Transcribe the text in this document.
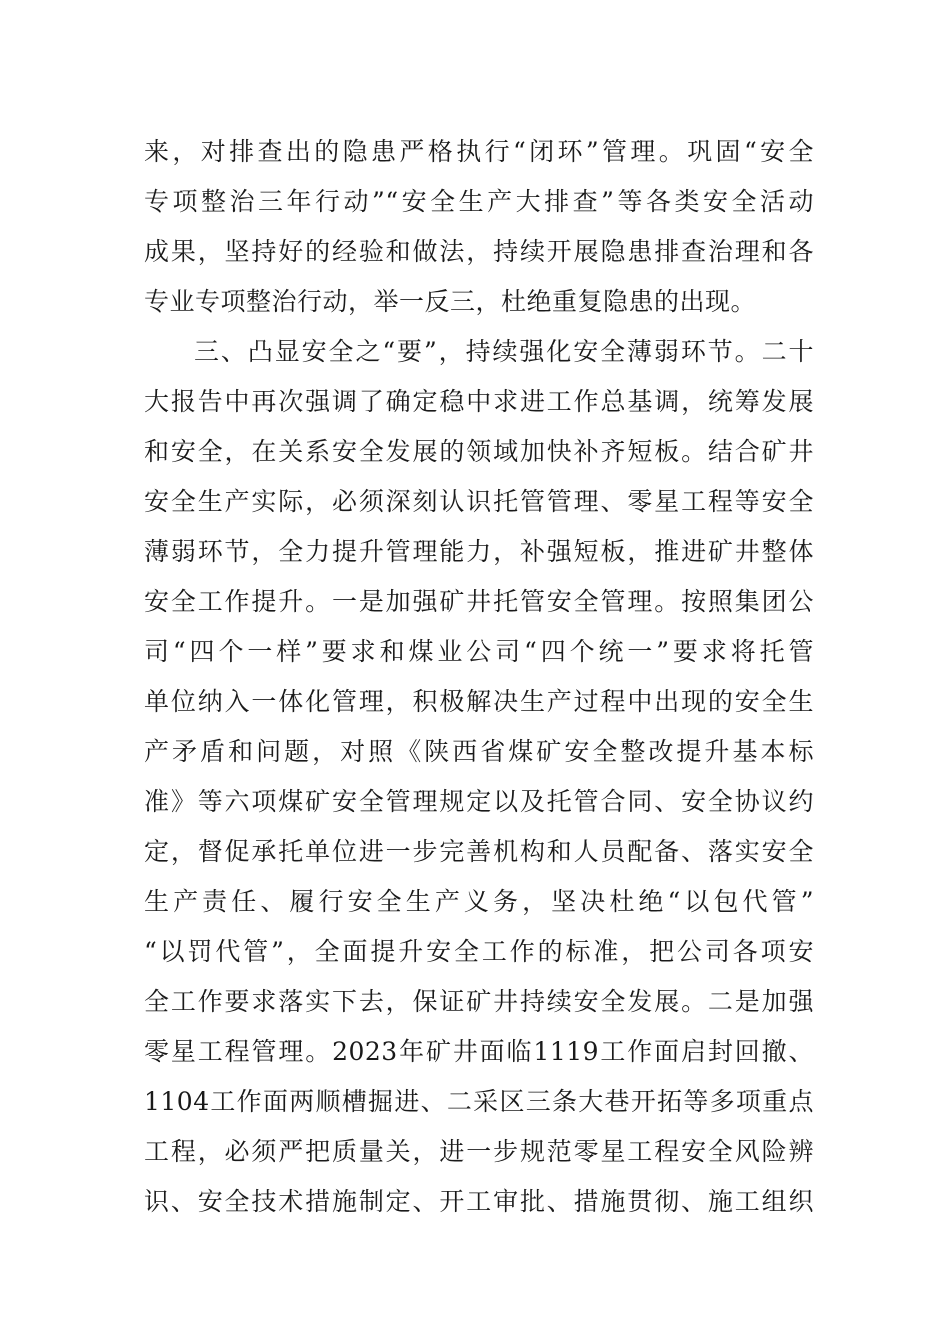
来，对排查出的隐患严格执行“闭环”管理。巩固“安全
专项整治三年行动”“安全生产大排查”等各类安全活动
成果，坚持好的经验和做法，持续开展隐患排查治理和各
专业专项整治行动，举一反三，杜绝重复隐患的出现。
三、凸显安全之“要”，持续强化安全薄弱环节。二十
大报告中再次强调了确定稳中求进工作总基调，统筹发展
和安全，在关系安全发展的领域加快补齐短板。结合矿井
安全生产实际，必须深刻认识托管管理、零星工程等安全
薄弱环节，全力提升管理能力，补强短板，推进矿井整体
安全工作提升。一是加强矿井托管安全管理。按照集团公
司“四个一样”要求和煤业公司“四个统一”要求将托管
单位纳入一体化管理，积极解决生产过程中出现的安全生
产矛盾和问题，对照《陕西省煤矿安全整改提升基本标
准》等六项煤矿安全管理规定以及托管合同、安全协议约
定，督促承托单位进一步完善机构和人员配备、落实安全
生产责任、履行安全生产义务，坚决杜绝“以包代管”
“以罚代管”，全面提升安全工作的标准，把公司各项安
全工作要求落实下去，保证矿井持续安全发展。二是加强
零星工程管理。2023年矿井面临1119工作面启封回撤、
1104工作面两顺槽掘进、二采区三条大巷开拓等多项重点
工程，必须严把质量关，进一步规范零星工程安全风险辨
识、安全技术措施制定、开工审批、措施贯彻、施工组织
